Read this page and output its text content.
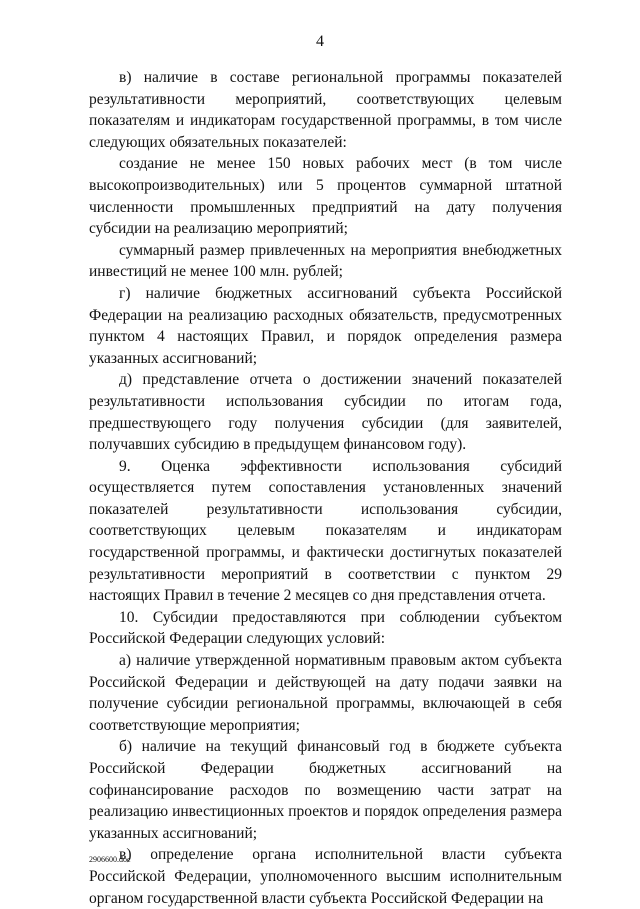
4

в) наличие в составе региональной программы показателей результативности мероприятий, соответствующих целевым показателям и индикаторам государственной программы, в том числе следующих обязательных показателей:

создание не менее 150 новых рабочих мест (в том числе высокопроизводительных) или 5 процентов суммарной штатной численности промышленных предприятий на дату получения субсидии на реализацию мероприятий;

суммарный размер привлеченных на мероприятия внебюджетных инвестиций не менее 100 млн. рублей;

г) наличие бюджетных ассигнований субъекта Российской Федерации на реализацию расходных обязательств, предусмотренных пунктом 4 настоящих Правил, и порядок определения размера указанных ассигнований;

д) представление отчета о достижении значений показателей результативности использования субсидии по итогам года, предшествующего году получения субсидии (для заявителей, получавших субсидию в предыдущем финансовом году).

9. Оценка эффективности использования субсидий осуществляется путем сопоставления установленных значений показателей результативности использования субсидии, соответствующих целевым показателям и индикаторам государственной программы, и фактически достигнутых показателей результативности мероприятий в соответствии с пунктом 29 настоящих Правил в течение 2 месяцев со дня представления отчета.

10. Субсидии предоставляются при соблюдении субъектом Российской Федерации следующих условий:

а) наличие утвержденной нормативным правовым актом субъекта Российской Федерации и действующей на дату подачи заявки на получение субсидии региональной программы, включающей в себя соответствующие мероприятия;

б) наличие на текущий финансовый год в бюджете субъекта Российской Федерации бюджетных ассигнований на софинансирование расходов по возмещению части затрат на реализацию инвестиционных проектов и порядок определения размера указанных ассигнований;

в) определение органа исполнительной власти субъекта Российской Федерации, уполномоченного высшим исполнительным органом государственной власти субъекта Российской Федерации на

2906600.doc
